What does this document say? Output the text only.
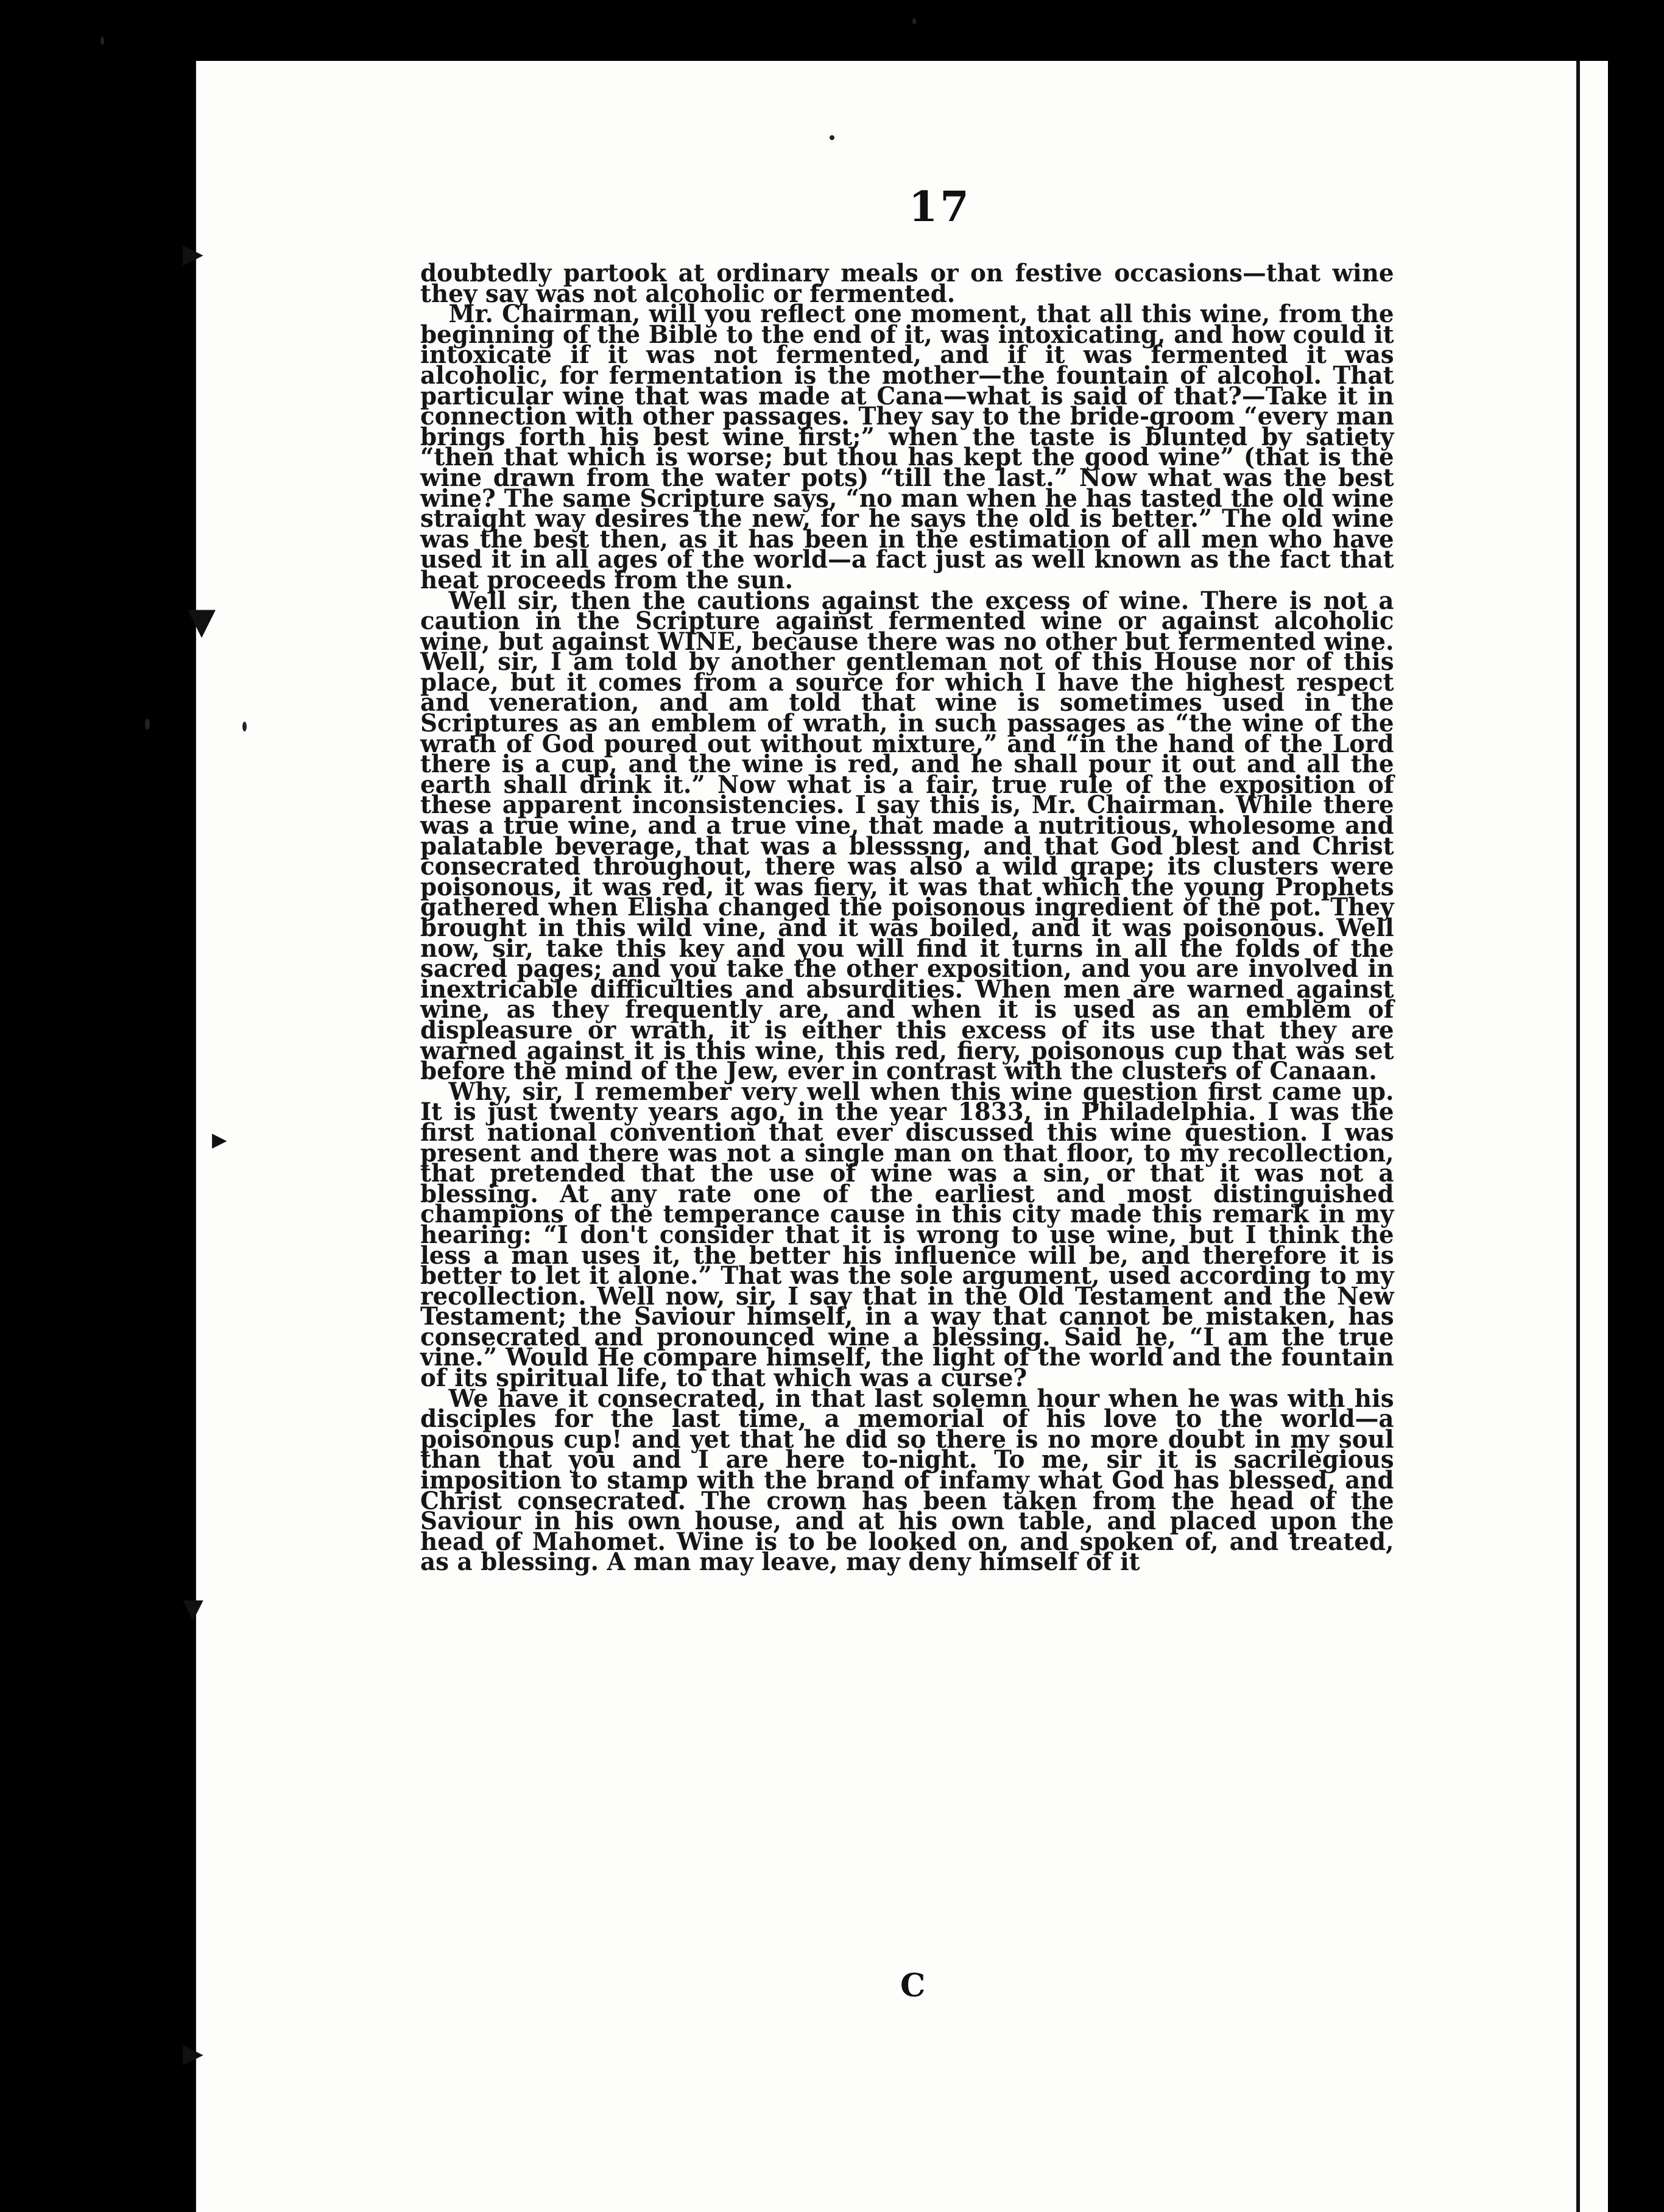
▶
▼
▼
▶
▶
17

doubtedly partook at ordinary meals or on festive occasions—that wine they say was not alcoholic or fermented.

Mr. Chairman, will you reflect one moment, that all this wine, from the beginning of the Bible to the end of it, was intoxicating, and how could it intoxicate if it was not fermented, and if it was fermented it was alcoholic, for fermentation is the mother—the fountain of alcohol. That particular wine that was made at Cana—what is said of that?—Take it in connection with other passages. They say to the bride-groom “every man brings forth his best wine first;” when the taste is blunted by satiety “then that which is worse; but thou has kept the good wine” (that is the wine drawn from the water pots) “till the last.” Now what was the best wine? The same Scripture says, “no man when he has tasted the old wine straight way desires the new, for he says the old is better.” The old wine was the best then, as it has been in the estimation of all men who have used it in all ages of the world—a fact just as well known as the fact that heat proceeds from the sun.

Well sir, then the cautions against the excess of wine. There is not a caution in the Scripture against fermented wine or against alcoholic wine, but against WINE, because there was no other but fermented wine. Well, sir, I am told by another gentleman not of this House nor of this place, but it comes from a source for which I have the highest respect and veneration, and am told that wine is sometimes used in the Scriptures as an emblem of wrath, in such passages as “the wine of the wrath of God poured out without mixture,” and “in the hand of the Lord there is a cup, and the wine is red, and he shall pour it out and all the earth shall drink it.” Now what is a fair, true rule of the exposition of these apparent inconsistencies. I say this is, Mr. Chairman. While there was a true wine, and a true vine, that made a nutritious, wholesome and palatable beverage, that was a blesssng, and that God blest and Christ consecrated throughout, there was also a wild grape; its clusters were poisonous, it was red, it was fiery, it was that which the young Prophets gathered when Elisha changed the poisonous ingredient of the pot. They brought in this wild vine, and it was boiled, and it was poisonous. Well now, sir, take this key and you will find it turns in all the folds of the sacred pages; and you take the other exposition, and you are involved in inextricable difficulties and absurdities. When men are warned against wine, as they frequently are, and when it is used as an emblem of displeasure or wrath, it is either this excess of its use that they are warned against it is this wine, this red, fiery, poisonous cup that was set before the mind of the Jew, ever in contrast with the clusters of Canaan.

Why, sir, I remember very well when this wine question first came up. It is just twenty years ago, in the year 1833, in Philadelphia. I was the first national convention that ever discussed this wine question. I was present and there was not a single man on that floor, to my recollection, that pretended that the use of wine was a sin, or that it was not a blessing. At any rate one of the earliest and most distinguished champions of the temperance cause in this city made this remark in my hearing: “I don't consider that it is wrong to use wine, but I think the less a man uses it, the better his influence will be, and therefore it is better to let it alone.” That was the sole argument, used according to my recollection. Well now, sir, I say that in the Old Testament and the New Testament; the Saviour himself, in a way that cannot be mistaken, has consecrated and pronounced wine a blessing. Said he, “I am the true vine.” Would He compare himself, the light of the world and the fountain of its spiritual life, to that which was a curse?

We have it consecrated, in that last solemn hour when he was with his disciples for the last time, a memorial of his love to the world—a poisonous cup! and yet that he did so there is no more doubt in my soul than that you and I are here to-night. To me, sir it is sacrilegious imposition to stamp with the brand of infamy what God has blessed, and Christ consecrated. The crown has been taken from the head of the Saviour in his own house, and at his own table, and placed upon the head of Mahomet. Wine is to be looked on, and spoken of, and treated, as a blessing. A man may leave, may deny himself of it

C
